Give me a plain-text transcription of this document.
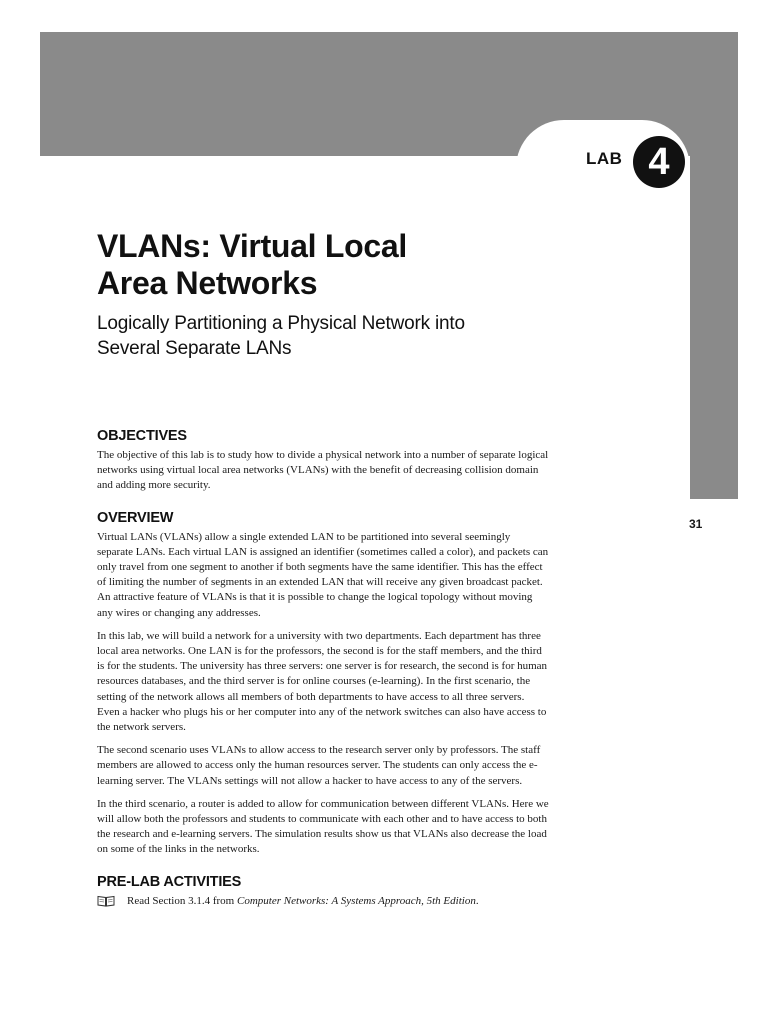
LAB 4
31
VLANs: Virtual Local
Area Networks
Logically Partitioning a Physical Network into
Several Separate LANs
OBJECTIVES

The objective of this lab is to study how to divide a physical network into a number of separate logical networks using virtual local area networks (VLANs) with the benefit of decreasing collision domain and adding more security.

OVERVIEW

Virtual LANs (VLANs) allow a single extended LAN to be partitioned into several seemingly separate LANs. Each virtual LAN is assigned an identifier (sometimes called a color), and packets can only travel from one segment to another if both segments have the same identifier. This has the effect of limiting the number of segments in an extended LAN that will receive any given broadcast packet. An attractive feature of VLANs is that it is possible to change the logical topology without moving any wires or changing any addresses.

In this lab, we will build a network for a university with two departments. Each department has three local area networks. One LAN is for the professors, the second is for the staff members, and the third is for the students. The university has three servers: one server is for research, the second is for human resources databases, and the third server is for online courses (e-learning). In the first scenario, the setting of the network allows all members of both departments to have access to all three servers. Even a hacker who plugs his or her computer into any of the network switches can also have access to the network servers.

The second scenario uses VLANs to allow access to the research server only by professors. The staff members are allowed to access only the human resources server. The students can only access the e-learning server. The VLANs settings will not allow a hacker to have access to any of the servers.

In the third scenario, a router is added to allow for communication between different VLANs. Here we will allow both the professors and students to communicate with each other and to have access to both the research and e-learning servers. The simulation results show us that VLANs also decrease the load on some of the links in the networks.

PRE-LAB ACTIVITIES
Read Section 3.1.4 from Computer Networks: A Systems Approach, 5th Edition.
